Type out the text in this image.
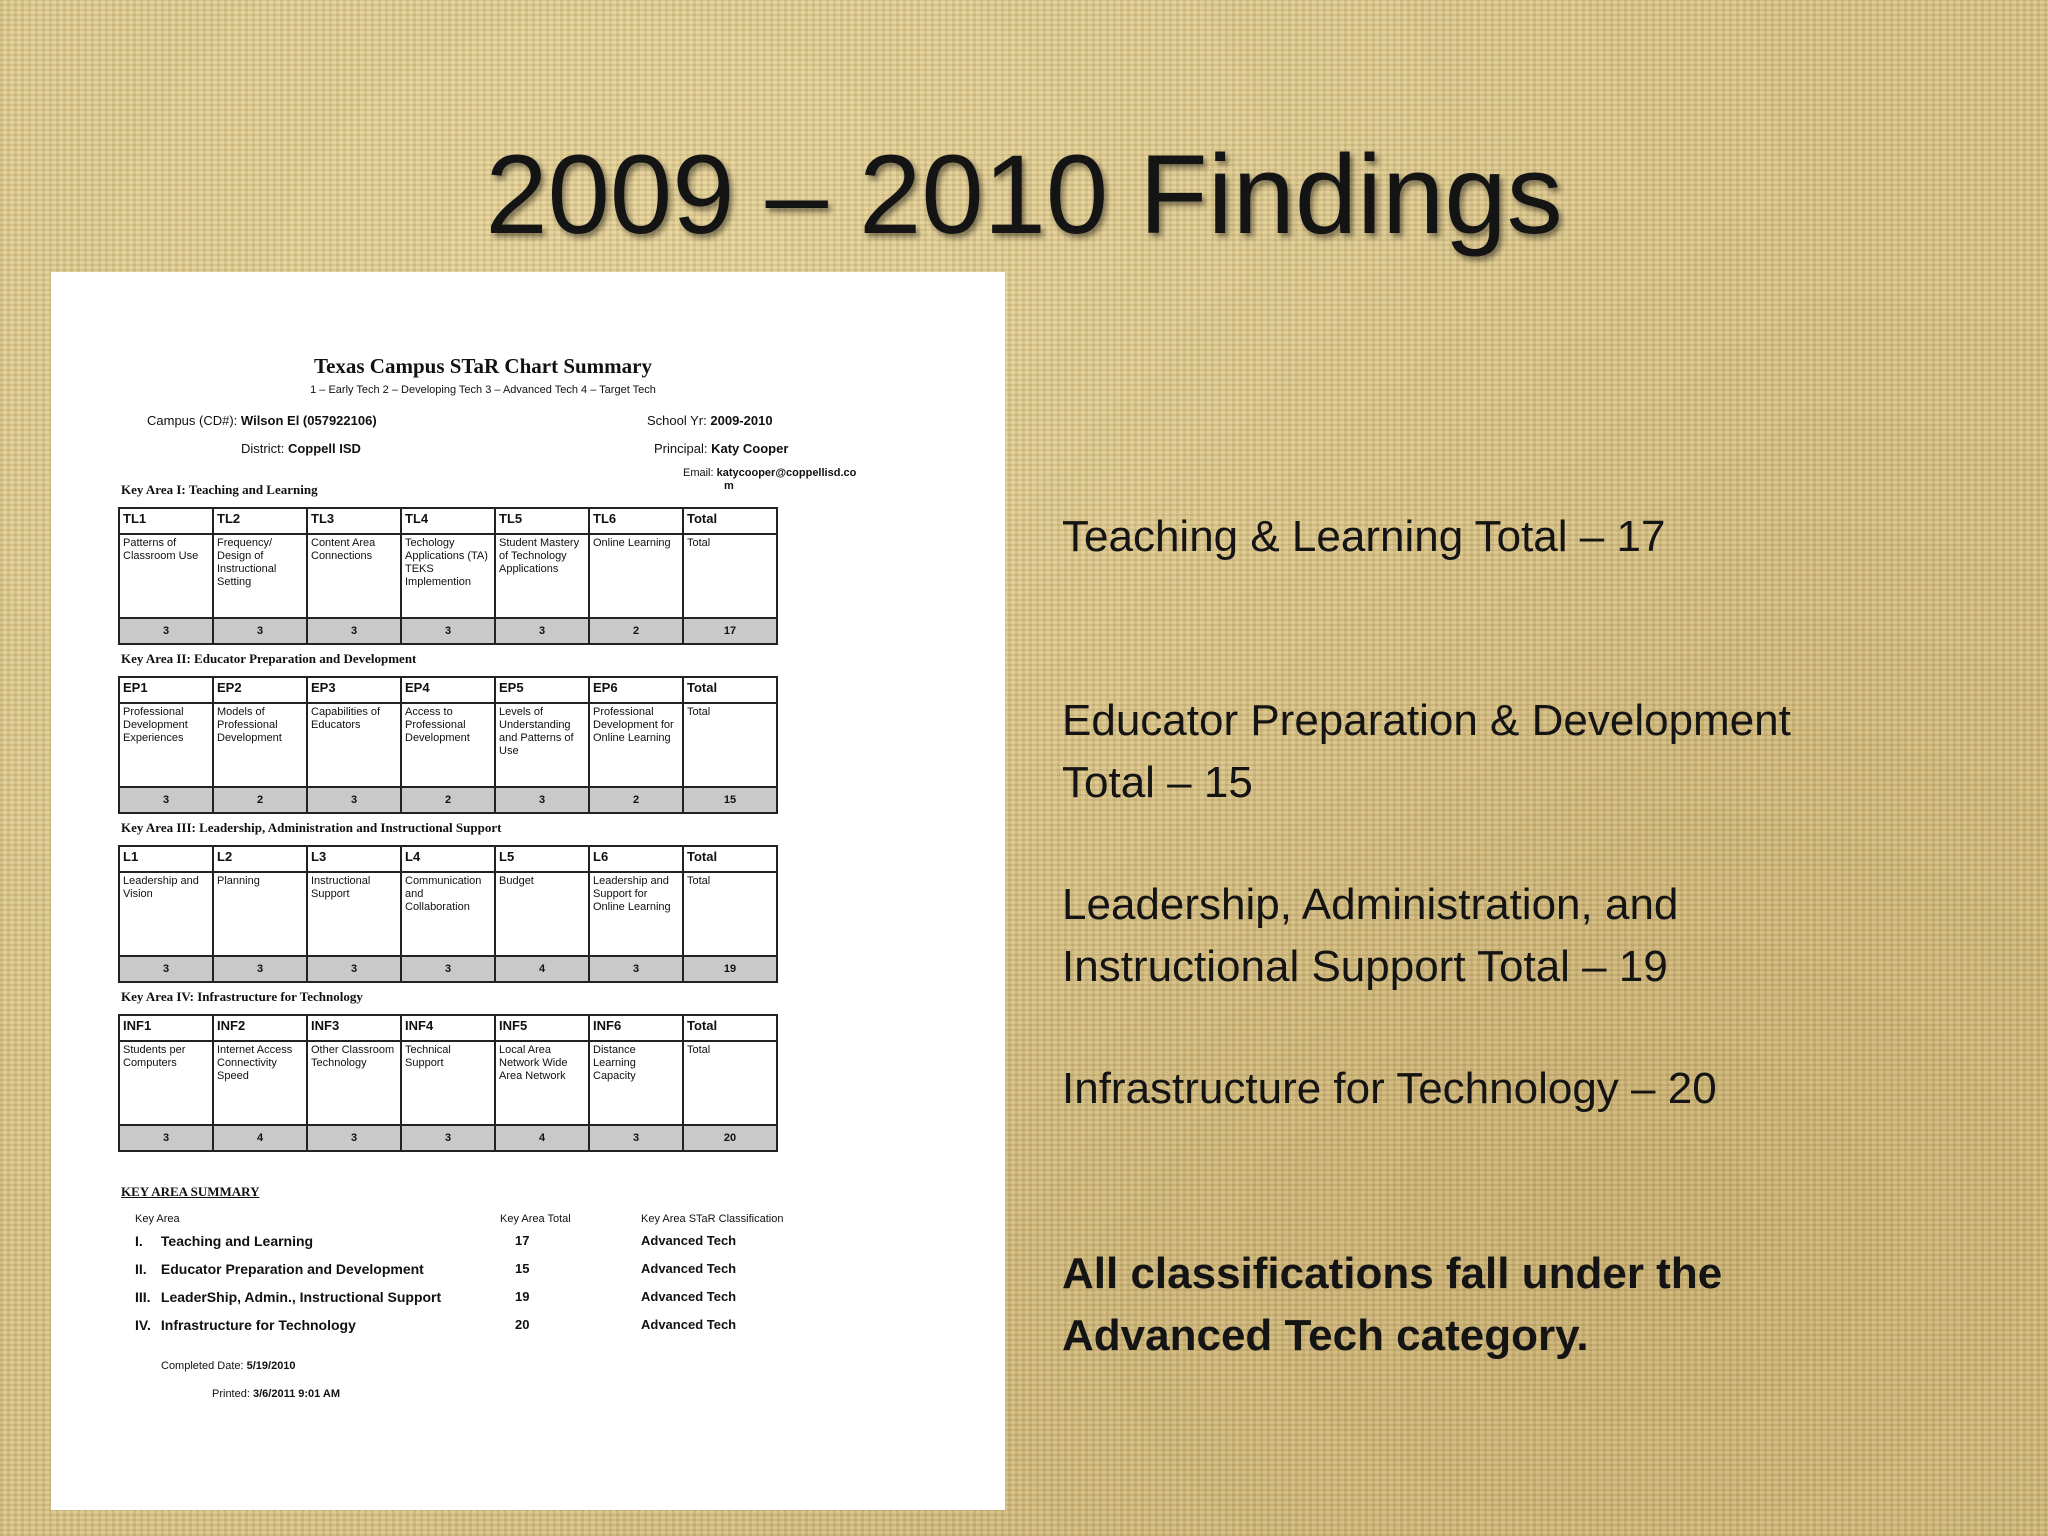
2009 – 2010 Findings
Texas Campus STaR Chart Summary
1 – Early Tech 2 – Developing Tech 3 – Advanced Tech 4 – Target Tech
Campus (CD#): Wilson El (057922106)
District: Coppell ISD
School Yr: 2009-2010
Principal: Katy Cooper
Email: katycooper@coppellisd.co
m
Key Area I: Teaching and Learning
TL1	TL2	TL3	TL4	TL5	TL6	Total
Patterns of Classroom Use	Frequency/ Design of Instructional Setting	Content Area Connections	Techology Applications (TA) TEKS Implemention	Student Mastery of Technology Applications	Online Learning	Total
3	3	3	3	3	2	17
Key Area II: Educator Preparation and Development
EP1	EP2	EP3	EP4	EP5	EP6	Total
Professional Development Experiences	Models of Professional Development	Capabilities of Educators	Access to Professional Development	Levels of Understanding and Patterns of Use	Professional Development for Online Learning	Total
3	2	3	2	3	2	15
Key Area III: Leadership, Administration and Instructional Support
L1	L2	L3	L4	L5	L6	Total
Leadership and Vision	Planning	Instructional Support	Communication and Collaboration	Budget	Leadership and Support for Online Learning	Total
3	3	3	3	4	3	19
Key Area IV: Infrastructure for Technology
INF1	INF2	INF3	INF4	INF5	INF6	Total
Students per Computers	Internet Access Connectivity Speed	Other Classroom Technology	Technical Support	Local Area Network Wide Area Network	Distance Learning Capacity	Total
3	4	3	3	4	3	20
KEY AREA SUMMARY
Key Area	Key Area Total	Key Area STaR Classification
I. Teaching and Learning	17	Advanced Tech
II. Educator Preparation and Development	15	Advanced Tech
III. LeaderShip, Admin., Instructional Support	19	Advanced Tech
IV. Infrastructure for Technology	20	Advanced Tech
Completed Date: 5/19/2010
Printed: 3/6/2011 9:01 AM
Teaching & Learning Total – 17
Educator Preparation & Development Total – 15
Leadership, Administration, and Instructional Support Total – 19
Infrastructure for Technology – 20
All classifications fall under the Advanced Tech category.
